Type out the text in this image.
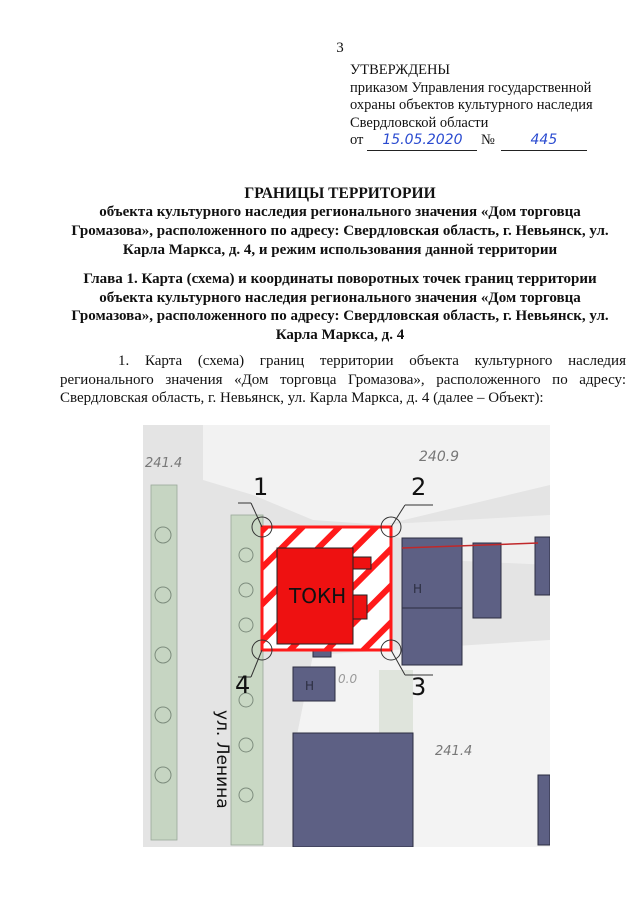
3
УТВЕРЖДЕНЫ
приказом Управления государственной
охраны объектов культурного наследия
Свердловской области
от 15.05.2020 №	445
ГРАНИЦЫ ТЕРРИТОРИИ
объекта культурного наследия регионального значения «Дом торговца Громазова», расположенного по адресу: Свердловская область, г. Невьянск, ул. Карла Маркса, д. 4, и режим использования данной территории
Глава 1. Карта (схема) и координаты поворотных точек границ территории объекта культурного наследия регионального значения «Дом торговца Громазова», расположенного по адресу: Свердловская область, г. Невьянск, ул. Карла Маркса, д. 4
1. Карта (схема) границ территории объекта культурного наследия регионального значения «Дом торговца Громазова», расположенного по адресу: Свердловская область, г. Невьянск, ул. Карла Маркса, д. 4 (далее – Объект):
1	2
3
4
ТОКН
241.4	240.9
241.4
0.0
Н
Н
ул. Ленина
